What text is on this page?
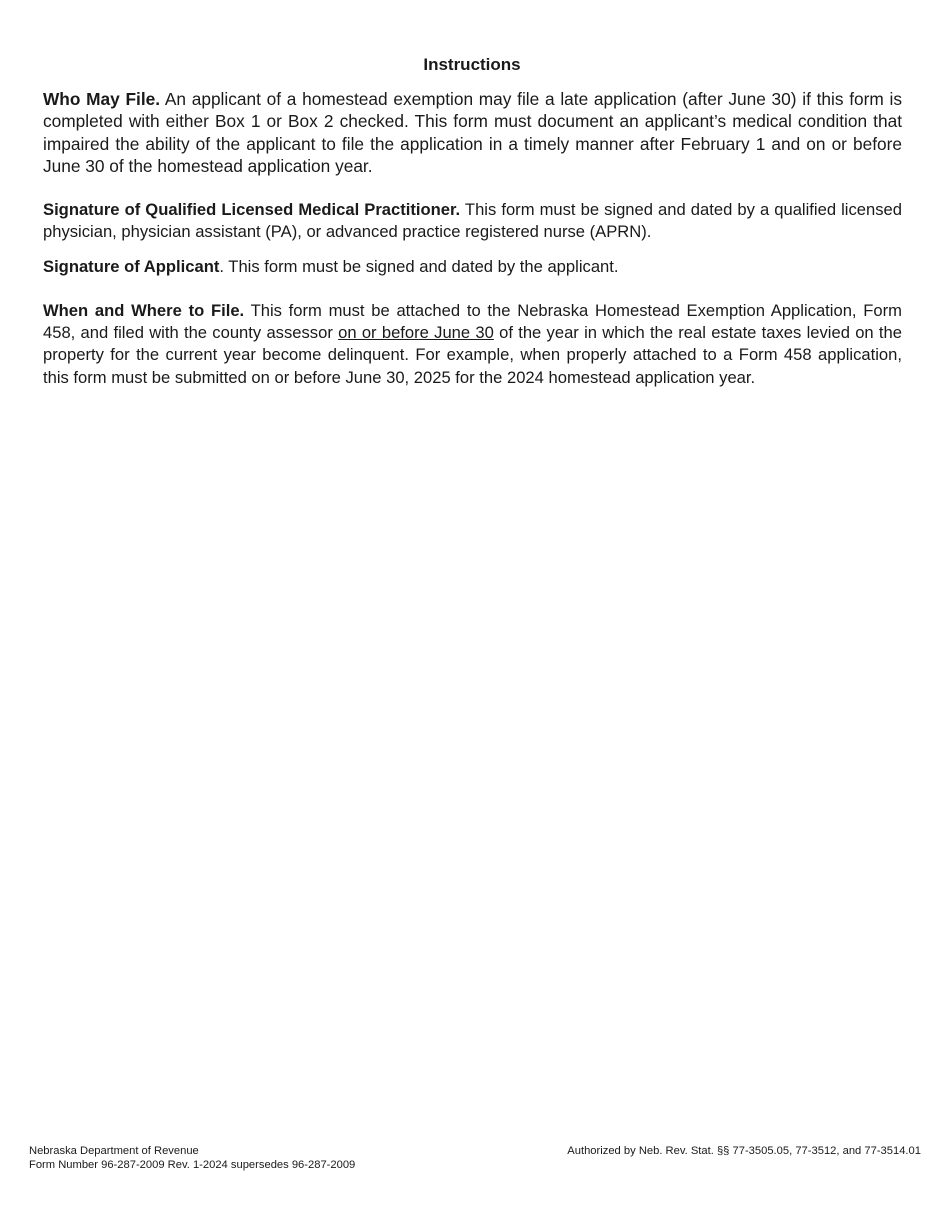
Instructions

Who May File. An applicant of a homestead exemption may file a late application (after June 30) if this form is completed with either Box 1 or Box 2 checked. This form must document an applicant’s medical condition that impaired the ability of the applicant to file the application in a timely manner after February 1 and on or before June 30 of the homestead application year.

Signature of Qualified Licensed Medical Practitioner. This form must be signed and dated by a qualified licensed physician, physician assistant (PA), or advanced practice registered nurse (APRN).

Signature of Applicant. This form must be signed and dated by the applicant.

When and Where to File. This form must be attached to the Nebraska Homestead Exemption Application, Form 458, and filed with the county assessor on or before June 30 of the year in which the real estate taxes levied on the property for the current year become delinquent. For example, when properly attached to a Form 458 application, this form must be submitted on or before June 30, 2025 for the 2024 homestead application year.

Nebraska Department of Revenue
Form Number 96-287-2009 Rev. 1-2024 supersedes 96-287-2009
Authorized by Neb. Rev. Stat. §§ 77-3505.05, 77-3512, and 77-3514.01
